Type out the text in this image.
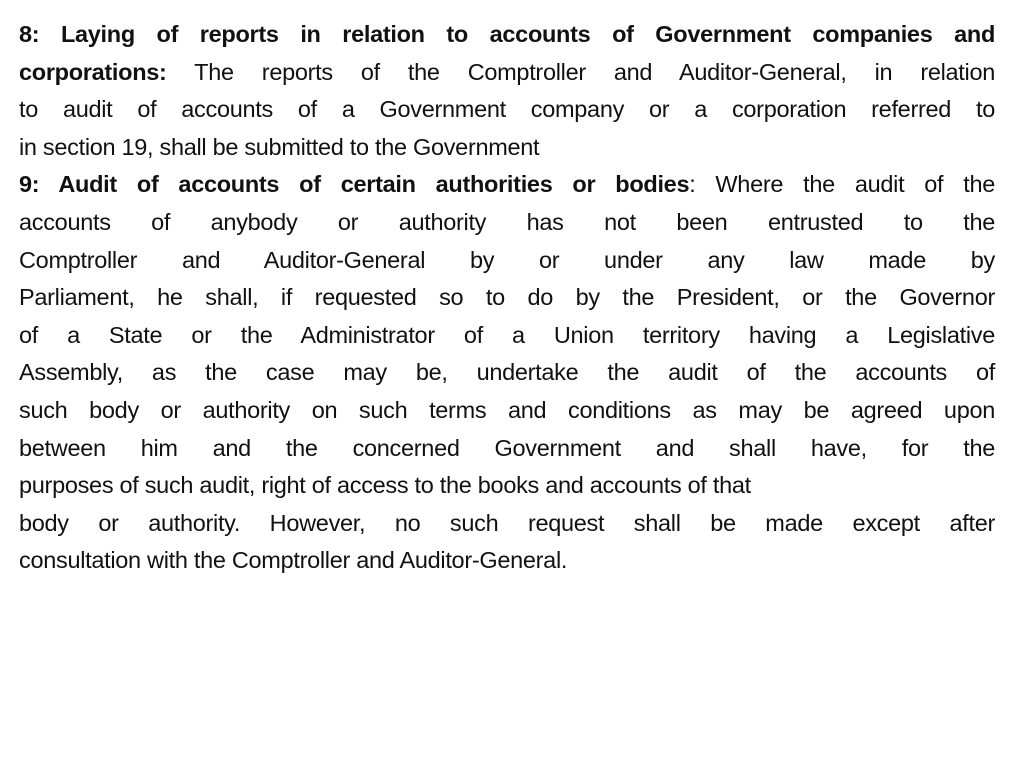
8: Laying of reports in relation to accounts of Government companies and
corporations: The reports of the Comptroller and Auditor-General, in relation
to audit of accounts of a Government company or a corporation referred to
in section 19, shall be submitted to the Government
9: Audit of accounts of certain authorities or bodies: Where the audit of the
accounts of anybody or authority has not been entrusted to the
Comptroller and Auditor-General by or under any law made by
Parliament, he shall, if requested so to do by the President, or the Governor
of a State or the Administrator of a Union territory having a Legislative
Assembly, as the case may be, undertake the audit of the accounts of
such body or authority on such terms and conditions as may be agreed upon
between him and the concerned Government and shall have, for the
purposes of such audit, right of access to the books and accounts of that
body or authority. However, no such request shall be made except after
consultation with the Comptroller and Auditor-General.
